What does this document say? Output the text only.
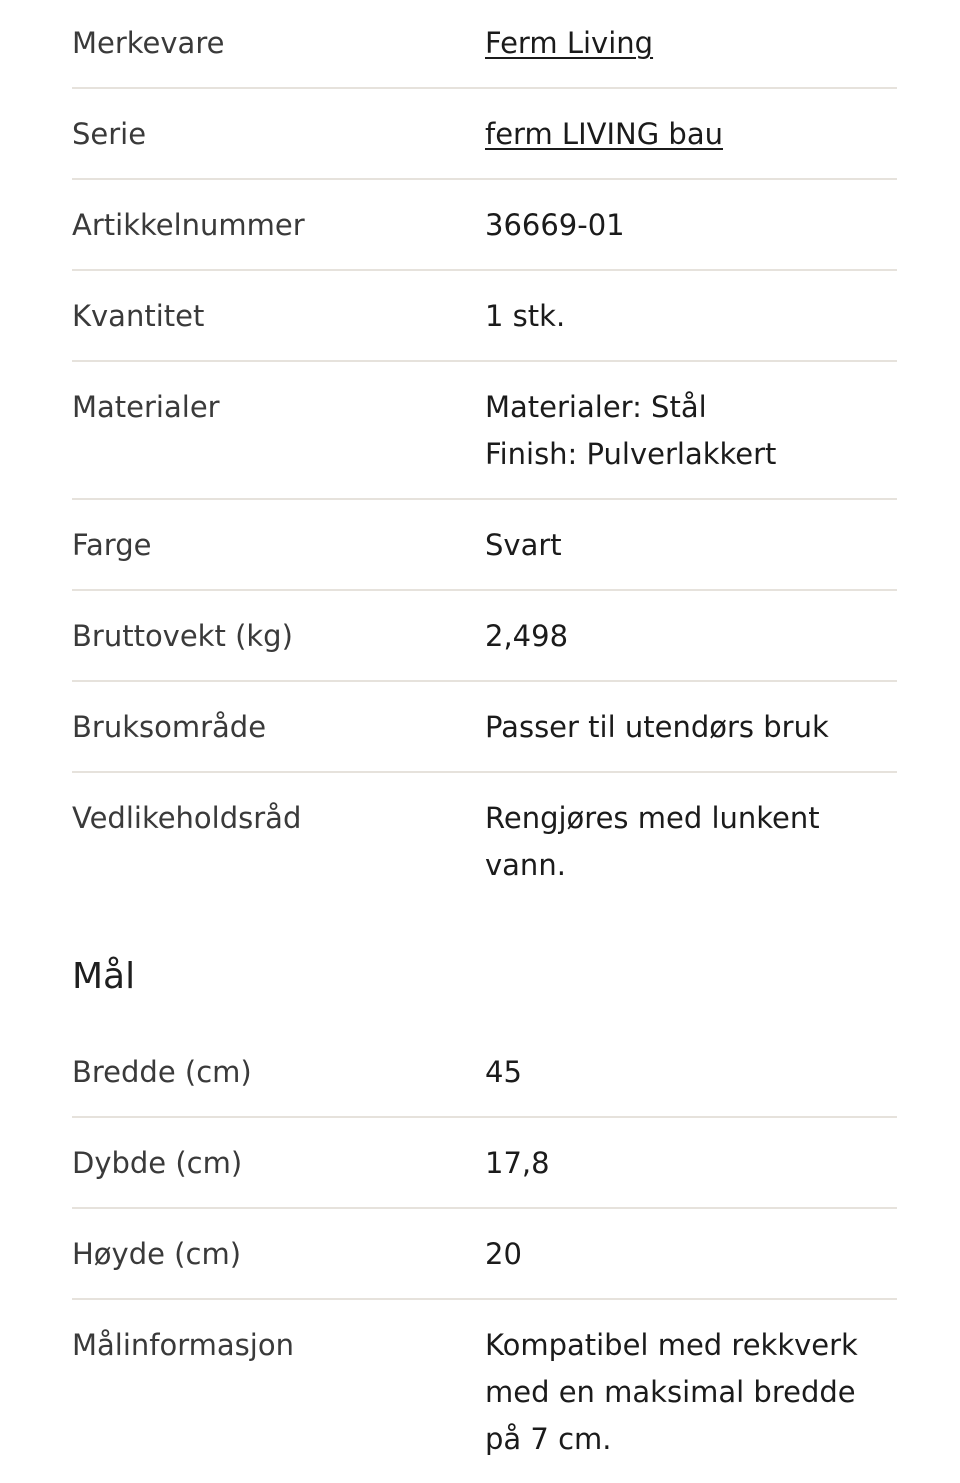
Merkevare	Ferm Living
Serie	ferm LIVING bau
Artikkelnummer	36669-01
Kvantitet	1 stk.
Materialer	Materialer: Stål
Finish: Pulverlakkert
Farge	Svart
Bruttovekt (kg)	2,498
Bruksområde	Passer til utendørs bruk
Vedlikeholdsråd	Rengjøres med lunkent
vann.
Mål
Bredde (cm)	45
Dybde (cm)	17,8
Høyde (cm)	20
Målinformasjon	Kompatibel med rekkverk
med en maksimal bredde
på 7 cm.
